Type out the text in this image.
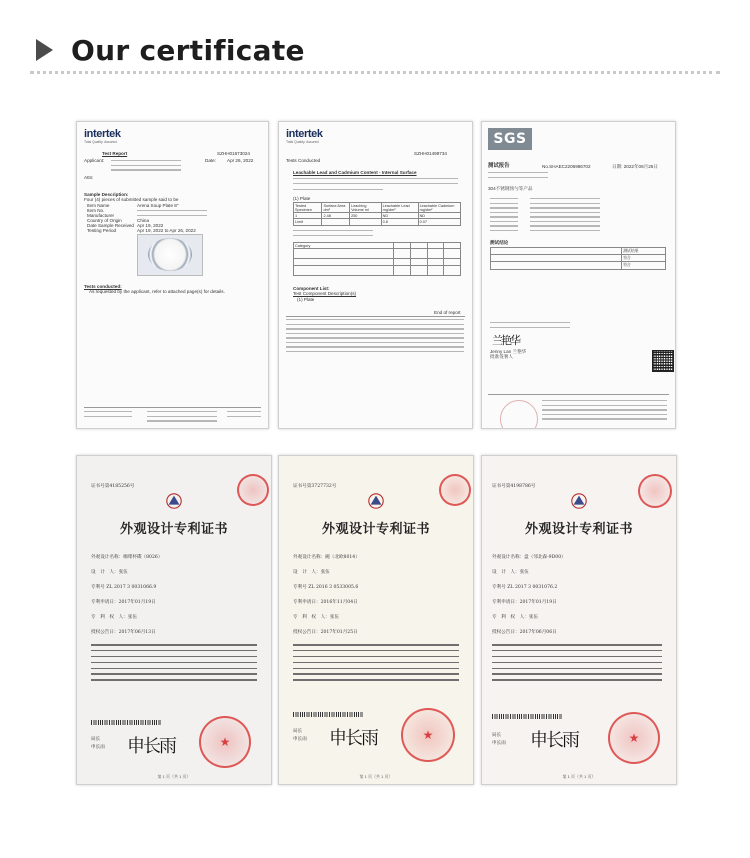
Our certificate
intertek
Total Quality. Assured.
Test Report	SZHH01673024
Date: Apr 26, 2022
Applicant:
Attn:
Sample Description:
Four (4) pieces of submitted sample said to be
Item Name	Arena Soup Plate 8"
Item No.
Manufacturer
Country of Origin	China
Date Sample Received Apr 19, 2022
Testing Period	Apr 19, 2022 to Apr 26, 2022
Tests conducted:
As requested by the applicant, refer to attached page(s) for details.
intertek
Total Quality. Assured.
SZHH01499734
Tests Conducted
Leachable Lead and Cadmium Content - Internal Surface
(1) Plate
Tested Specimen	Surface Area dm²	Leaching Volume ml	Leachable Lead mg/dm²	Leachable Cadmium mg/dm²
1	2.48	250	ND	ND
Limit			0.8	0.07
Category				

Component List:
Test Component Description(s)
(1) Plate
End of report
SGS
测试报告	No.SHAEC2206986702	日期: 2022年06月25日
304不锈钢汤勺等产品
测试结论
	测试结果
	符合
	符合
兰艳华
Jenny Lan 兰艳华
批准签署人
证书号第4185256号
外观设计专利证书
外观设计名称：咖啡杯碟（8026）
设　计　人：张伍
专利号 ZL 2017 3 0031066.9
专利申请日：2017年01月19日
专　利　权　人：张伍
授权公告日：2017年06月13日
局长
申长雨 申长雨	★
第 1 页（共 1 页）
证书号第3727732号
外观设计专利证书
外观设计名称：碗（北欧8014）
设　计　人：张伍
专利号 ZL 2016 3 0533005.6
专利申请日：2016年11月04日
专　利　权　人：张伍
授权公告日：2017年01月25日
局长
申长雨 申长雨	★
第 1 页（共 1 页）
证书号第4198786号
外观设计专利证书
外观设计名称：盘（邻北森-9D00）
设　计　人：张伍
专利号 ZL 2017 3 0031076.2
专利申请日：2017年01月19日
专　利　权　人：张伍
授权公告日：2017年06月06日
局长
申长雨 申长雨	★
第 1 页（共 1 页）
